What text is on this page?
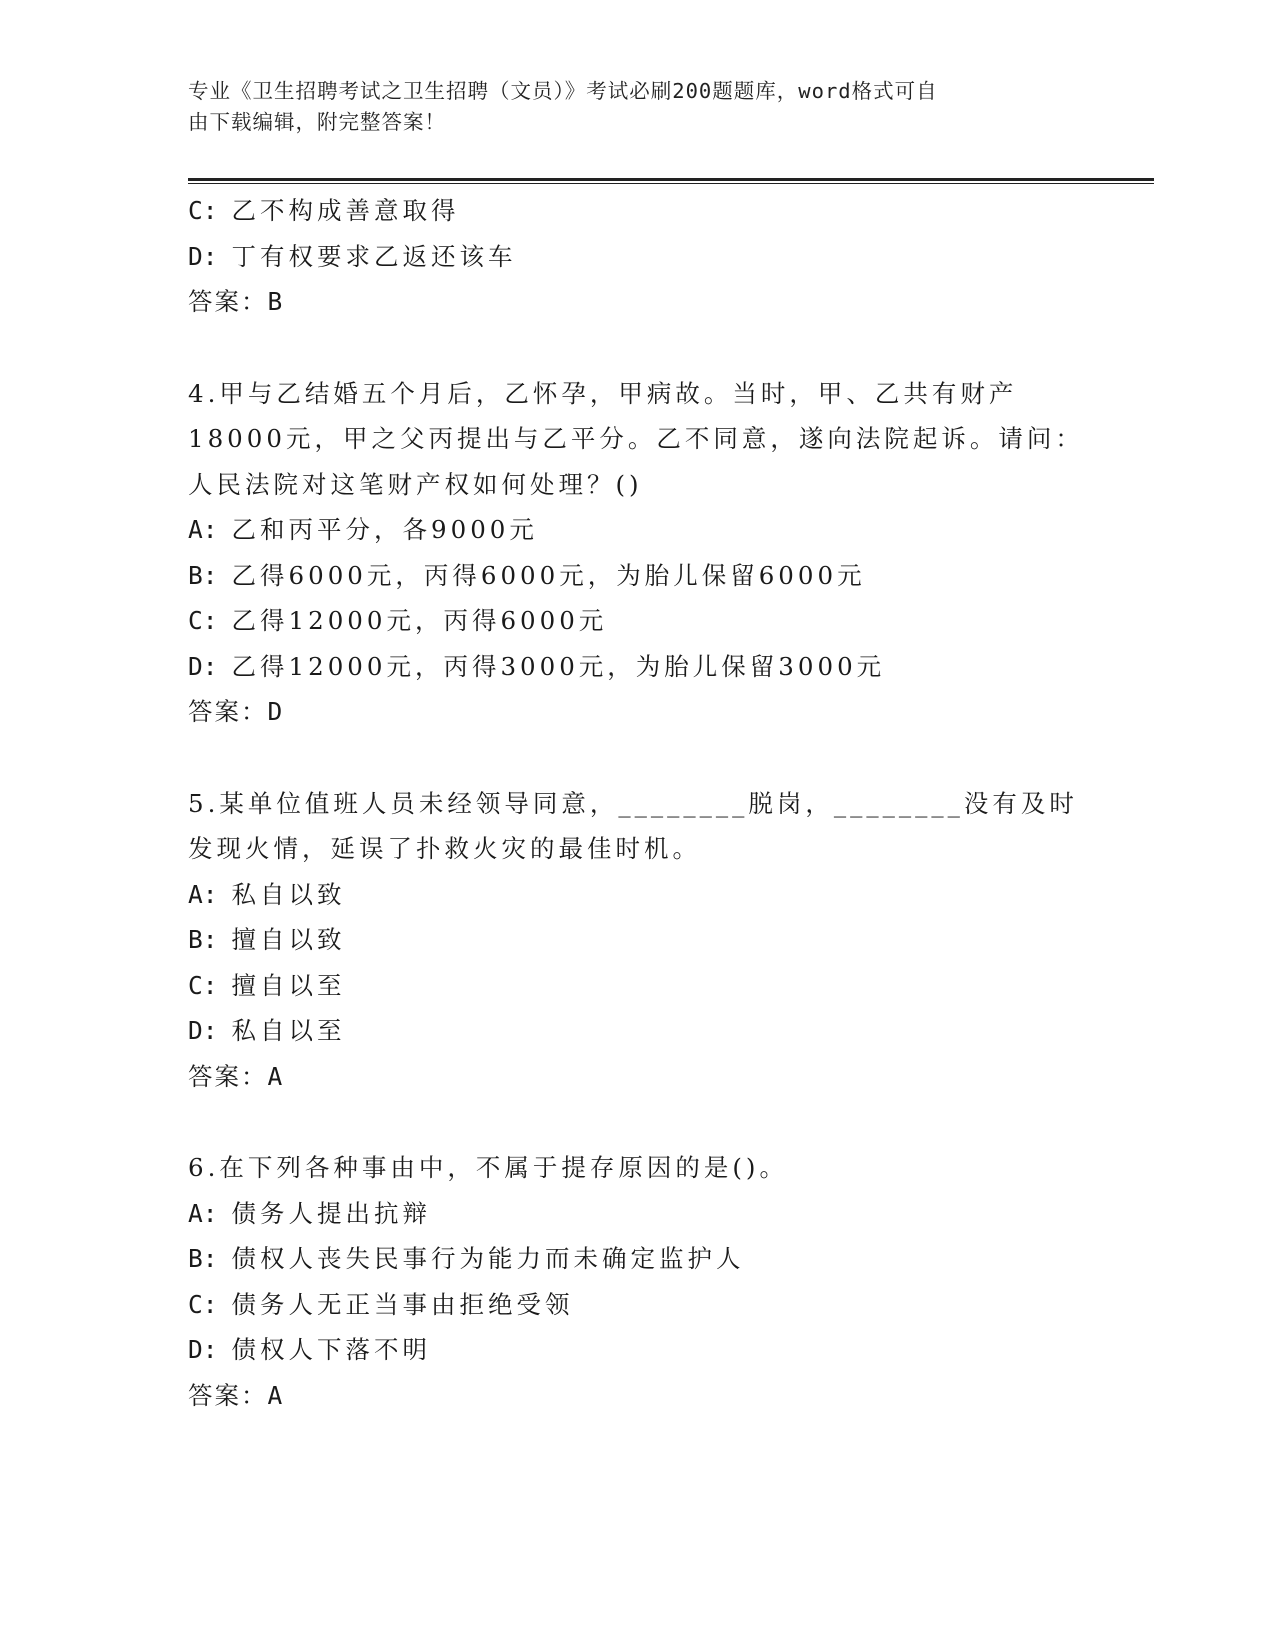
专业《卫生招聘考试之卫生招聘（文员）》考试必刷200题题库，word格式可自
由下载编辑，附完整答案！
C: 乙不构成善意取得
D: 丁有权要求乙返还该车
答案：B
4.甲与乙结婚五个月后，乙怀孕，甲病故。当时，甲、乙共有财产
18000元，甲之父丙提出与乙平分。乙不同意，遂向法院起诉。请问：
人民法院对这笔财产权如何处理？()
A: 乙和丙平分，各9000元
B: 乙得6000元，丙得6000元，为胎儿保留6000元
C: 乙得12000元，丙得6000元
D: 乙得12000元，丙得3000元，为胎儿保留3000元
答案：D
5.某单位值班人员未经领导同意，________脱岗，________没有及时
发现火情，延误了扑救火灾的最佳时机。
A: 私自以致
B: 擅自以致
C: 擅自以至
D: 私自以至
答案：A
6.在下列各种事由中，不属于提存原因的是()。
A: 债务人提出抗辩
B: 债权人丧失民事行为能力而未确定监护人
C: 债务人无正当事由拒绝受领
D: 债权人下落不明
答案：A
